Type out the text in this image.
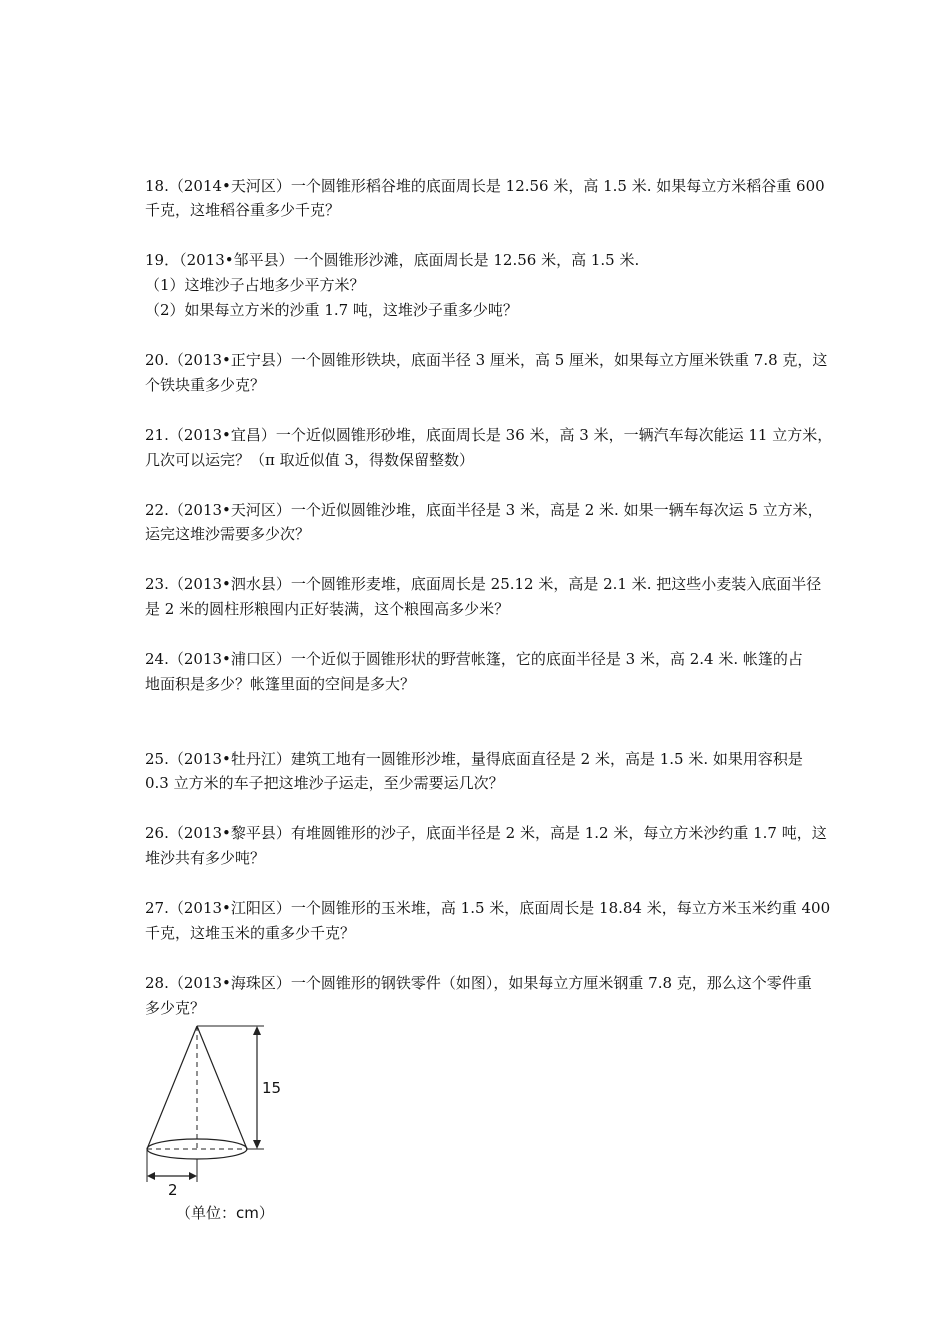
18.（2014•天河区）一个圆锥形稻谷堆的底面周长是 12.56 米，高 1.5 米. 如果每立方米稻谷重 600
千克，这堆稻谷重多少千克？
19．（2013•邹平县）一个圆锥形沙滩，底面周长是 12.56 米，高 1.5 米.
（1）这堆沙子占地多少平方米？
（2）如果每立方米的沙重 1.7 吨，这堆沙子重多少吨？
20.（2013•正宁县）一个圆锥形铁块，底面半径 3 厘米，高 5 厘米，如果每立方厘米铁重 7.8 克，这
个铁块重多少克？
21.（2013•宜昌）一个近似圆锥形砂堆，底面周长是 36 米，高 3 米，一辆汽车每次能运 11 立方米，
几次可以运完？（π 取近似值 3，得数保留整数）
22.（2013•天河区）一个近似圆锥沙堆，底面半径是 3 米，高是 2 米. 如果一辆车每次运 5 立方米，
运完这堆沙需要多少次？
23.（2013•泗水县）一个圆锥形麦堆，底面周长是 25.12 米，高是 2.1 米. 把这些小麦装入底面半径
是 2 米的圆柱形粮囤内正好装满，这个粮囤高多少米？
24.（2013•浦口区）一个近似于圆锥形状的野营帐篷，它的底面半径是 3 米，高 2.4 米. 帐篷的占
地面积是多少？帐篷里面的空间是多大？
25.（2013•牡丹江）建筑工地有一圆锥形沙堆，量得底面直径是 2 米，高是 1.5 米. 如果用容积是
0.3 立方米的车子把这堆沙子运走，至少需要运几次？
26.（2013•黎平县）有堆圆锥形的沙子，底面半径是 2 米，高是 1.2 米，每立方米沙约重 1.7 吨，这
堆沙共有多少吨？
27.（2013•江阳区）一个圆锥形的玉米堆，高 1.5 米，底面周长是 18.84 米，每立方米玉米约重 400
千克，这堆玉米的重多少千克？
28.（2013•海珠区）一个圆锥形的钢铁零件（如图），如果每立方厘米钢重 7.8 克，那么这个零件重
多少克？
15
2
（单位：cm）
